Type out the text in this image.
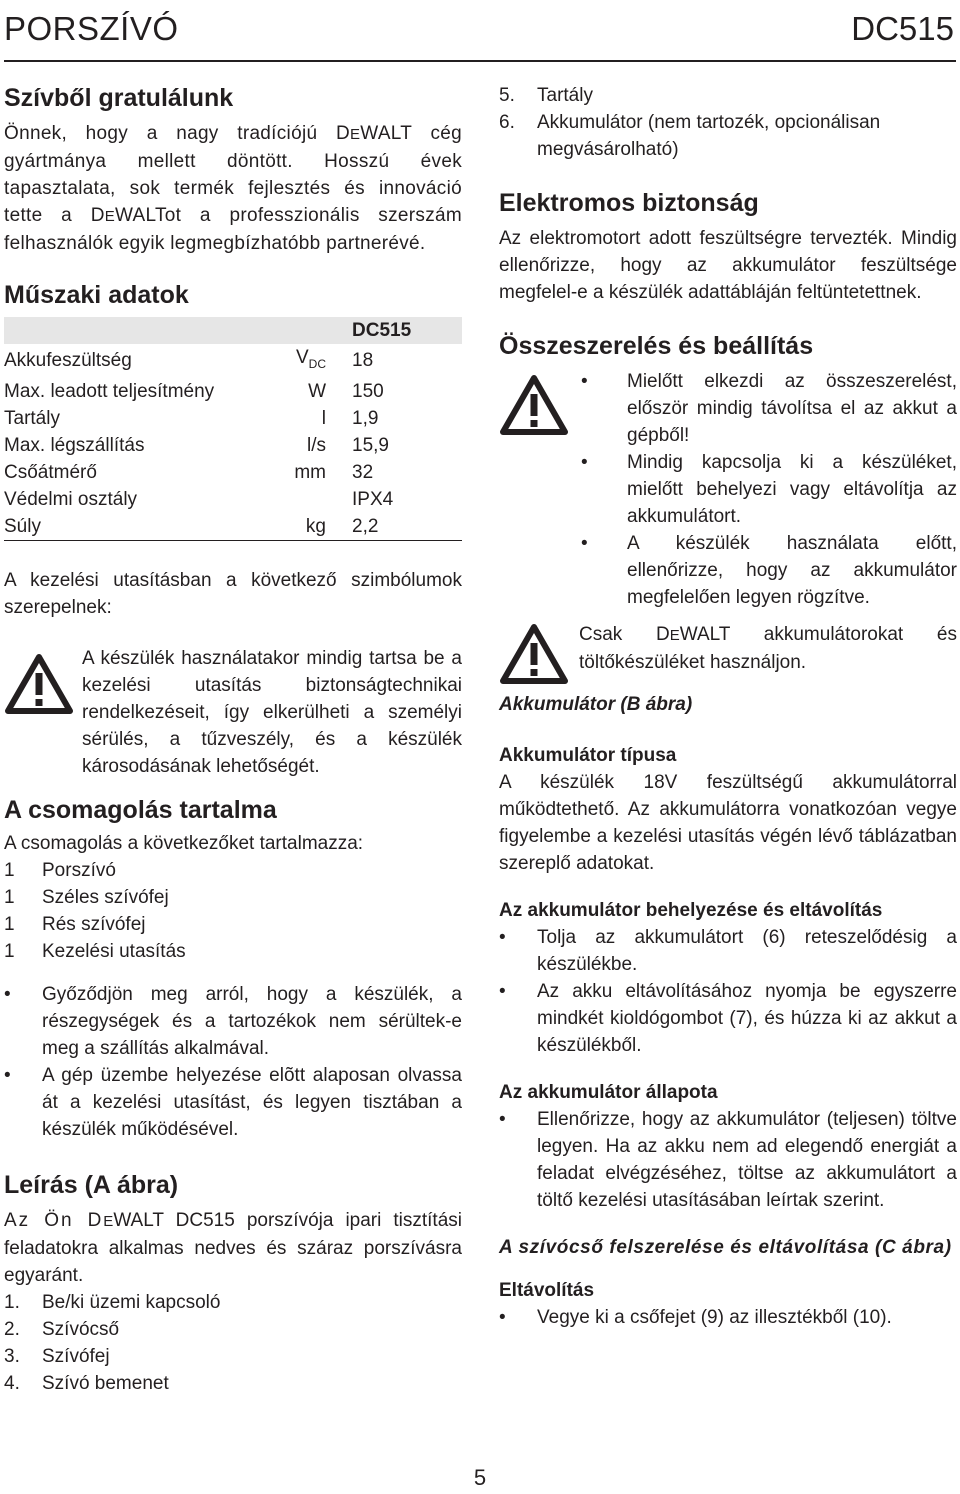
PORSZÍVÓ	DC515
Szívből gratulálunk

Önnek, hogy a nagy tradíciójú DEWALT cég gyártmánya mellett döntött. Hosszú évek tapasztalata, sok termék fejlesztés és innováció tette a DEWALTot a professzionális szerszám felhasználók egyik legmegbízhatóbb partnerévé.

Műszaki adatok
		DC515
Akkufeszültség	$V_{DC}$	18
Max. leadott teljesítmény	W	150
Tartály	l	1,9
Max. légszállítás	l/s	15,9
Csőátmérő	mm	32
Védelmi osztály		IPX4
Súly	kg	2,2

A kezelési utasításban a következő szimbólumok szerepelnek:

A készülék használatakor mindig tartsa be a kezelési utasítás biztonságtechnikai rendelkezéseit, így elkerülheti a személyi sérülés, a tűzveszély, és a készülék károsodásának lehetőségét.

A csomagolás tartalma

A csomagolás a következőket tartalmazza:

1	Porszívó
1	Széles szívófej
1	Rés szívófej
1	Kezelési utasítás
•	Győződjön meg arról, hogy a készülék, a részegységek és a tartozékok nem sérültek-e meg a szállítás alkalmával.
•	A gép üzembe helyezése elõtt alaposan olvassa át a kezelési utasítást, és legyen tisztában a készülék működésével.
Leírás (A ábra)

Az Ön DEWALT DC515 porszívója ipari tisztítási feladatokra alkalmas nedves és száraz porszívásra egyaránt.

1.	Be/ki üzemi kapcsoló
2.	Szívócső
3.	Szívófej
4.	Szívó bemenet
5.	Tartály
6.	Akkumulátor (nem tartozék, opcionálisan megvásárolható)
Elektromos biztonság

Az elektromotort adott feszültségre tervezték. Mindig ellenőrizze, hogy az akkumulátor feszültsége megfelel-e a készülék adattábláján feltüntetettnek.

Összeszerelés és beállítás
•	Mielőtt elkezdi az összeszerelést, először mindig távolítsa el az akkut a gépből!
•	Mindig kapcsolja ki a készüléket, mielőtt behelyezi vagy eltávolítja az akkumulátort.
•	A készülék használata előtt, ellenőrizze, hogy az akkumulátor megfelelően legyen rögzítve.

Csak DEWALT akkumulátorokat és töltőkészüléket használjon.

Akkumulátor (B ábra)
Akkumulátor típusa

A készülék 18V feszültségű akkumulátorral működtethető. Az akkumulátorra vonatkozóan vegye figyelembe a kezelési utasítás végén lévő táblázatban szereplő adatokat.

Az akkumulátor behelyezése és eltávolítás
•	Tolja az akkumulátort (6) reteszelődésig a készülékbe.
•	Az akku eltávolításához nyomja be egyszerre mindkét kioldógombot (7), és húzza ki az akkut a készülékből.
Az akkumulátor állapota
•	Ellenőrizze, hogy az akkumulátor (teljesen) töltve legyen. Ha az akku nem ad elegendő energiát a feladat elvégzéséhez, töltse az akkumulátort a töltő kezelési utasításában leírtak szerint.
A szívócső felszerelése és eltávolítása (C ábra)
Eltávolítás
•	Vegye ki a csőfejet (9) az illesztékből (10).
5
